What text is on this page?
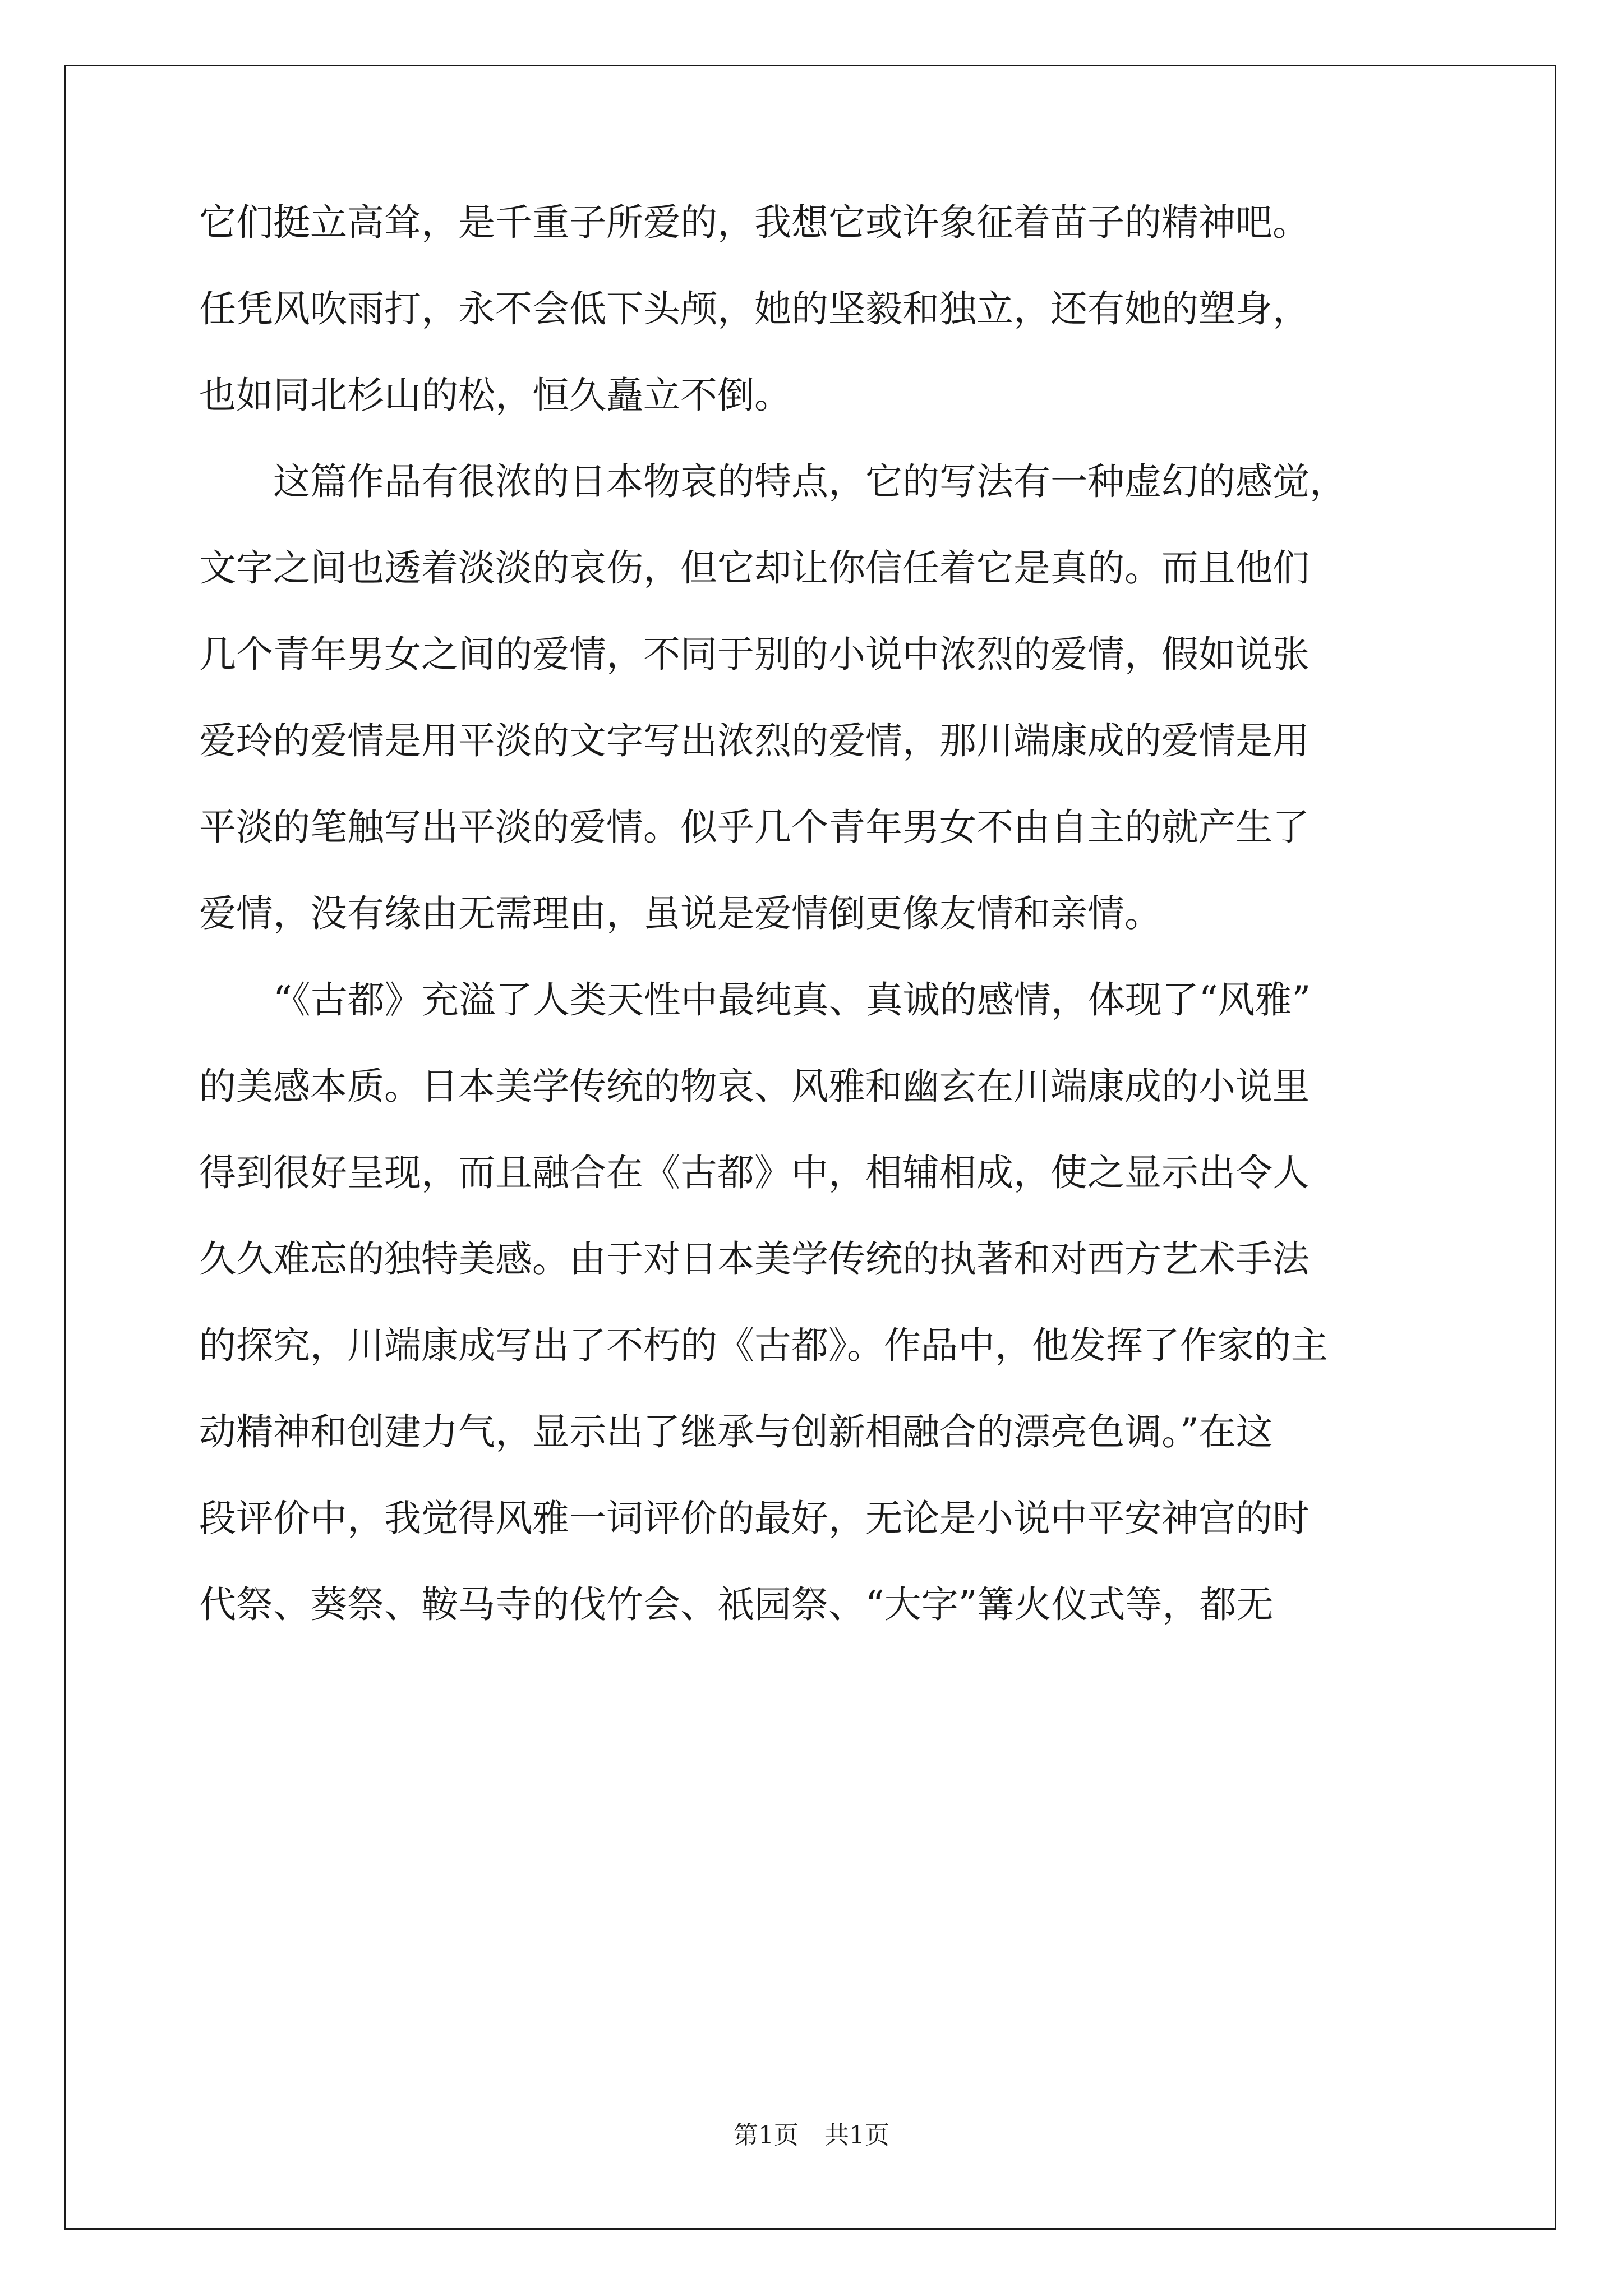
它们挺立高耸，是千重子所爱的，我想它或许象征着苗子的精神吧。
任凭风吹雨打，永不会低下头颅，她的坚毅和独立，还有她的塑身，
也如同北杉山的松，恒久矗立不倒。
　　这篇作品有很浓的日本物哀的特点，它的写法有一种虚幻的感觉，
文字之间也透着淡淡的哀伤，但它却让你信任着它是真的。而且他们
几个青年男女之间的爱情，不同于别的小说中浓烈的爱情，假如说张
爱玲的爱情是用平淡的文字写出浓烈的爱情，那川端康成的爱情是用
平淡的笔触写出平淡的爱情。似乎几个青年男女不由自主的就产生了
爱情，没有缘由无需理由，虽说是爱情倒更像友情和亲情。
　　“《古都》充溢了人类天性中最纯真、真诚的感情，体现了“风雅”
的美感本质。日本美学传统的物哀、风雅和幽玄在川端康成的小说里
得到很好呈现，而且融合在《古都》中，相辅相成，使之显示出令人
久久难忘的独特美感。由于对日本美学传统的执著和对西方艺术手法
的探究，川端康成写出了不朽的《古都》。作品中，他发挥了作家的主
动精神和创建力气，显示出了继承与创新相融合的漂亮色调。”在这
段评价中，我觉得风雅一词评价的最好，无论是小说中平安神宫的时
代祭、葵祭、鞍马寺的伐竹会、祇园祭、“大字”篝火仪式等，都无
第1页 共1页
